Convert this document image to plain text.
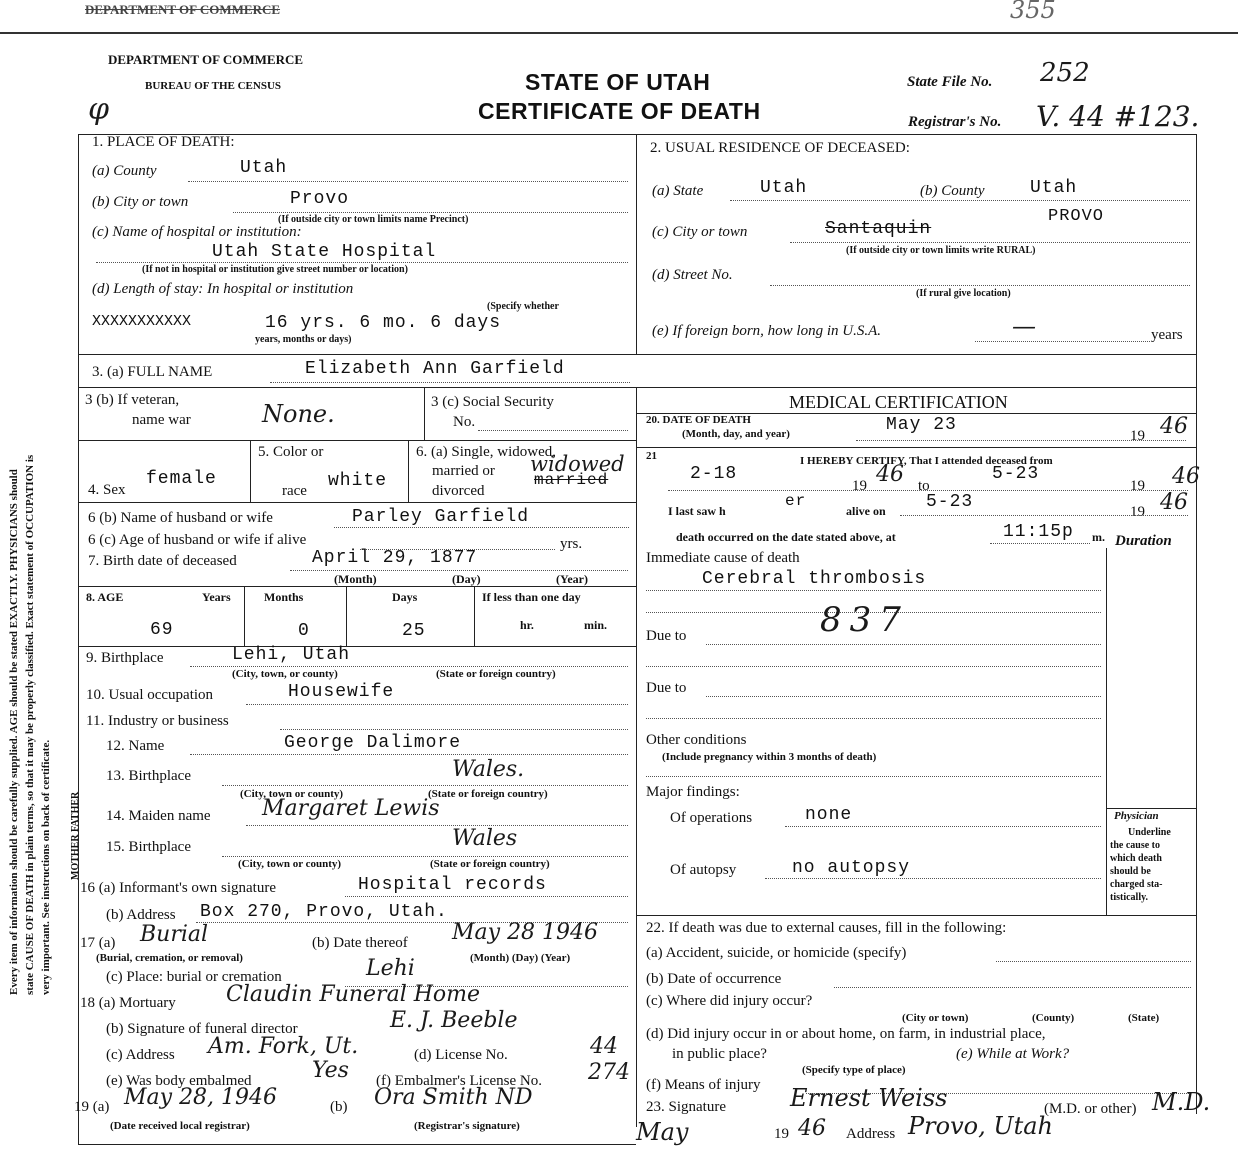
DEPARTMENT OF COMMERCE	355
DEPARTMENT OF COMMERCE
BUREAU OF THE CENSUS
φ
STATE OF UTAH
CERTIFICATE OF DEATH
State File No. 252
Registrar's No. V. 44 #123.
Every item of information should be carefully supplied. AGE should be stated EXACTLY. PHYSICIANS should state CAUSE OF DEATH in plain terms, so that it may be properly classified. Exact statement of OCCUPATION is very important. See instructions on back of certificate. MOTHER FATHER
1. PLACE OF DEATH:
(a) County	Utah
(b) City or town	Provo
(If outside city or town limits name Precinct)
(c) Name of hospital or institution:
Utah State Hospital
(If not in hospital or institution give street number or location)
(d) Length of stay: In hospital or institution
(Specify whether
XXXXXXXXXXX	16 yrs. 6 mo. 6 days
years, months or days)
2. USUAL RESIDENCE OF DECEASED:
(a) State	Utah	(b) County	Utah
PROVO
(c) City or town	Santaquin
(If outside city or town limits write RURAL)
(d) Street No.
(If rural give location)
(e) If foreign born, how long in U.S.A.	—	years
3. (a) FULL NAME	Elizabeth Ann Garfield
3 (b) If veteran,
name war	None.	3 (c) Social Security
No.
MEDICAL CERTIFICATION
20. DATE OF DEATH
(Month, day, and year)	May 23
19 46
21	I HEREBY CERTIFY, That I attended deceased from
2-18
19 46 to
5-23
19 46
I last saw h
er
alive on 5-23	19 46
death occurred on the date stated above, at	11:15p m. Duration
Immediate cause of death
Cerebral thrombosis
Due to	837
Due to
Other conditions
(Include pregnancy within 3 months of death)
Major findings:
Of operations	none
Of autopsy	no autopsy
Physician
Underline
the cause to
which death
should be
charged sta-
tistically.
4. Sex
female
5. Color or
race white
6. (a) Single, widowed,
married or
divorced
married
widowed
6 (b) Name of husband or wife	Parley Garfield
6 (c) Age of husband or wife if alive	yrs.
7. Birth date of deceased	April 29, 1877
(Month)	(Day)	(Year)
8. AGE	Years	Months	Days	If less than one day
69	0	25	hr.	min.
9. Birthplace	Lehi, Utah
(City, town, or county)	(State or foreign country)
10. Usual occupation	Housewife
11. Industry or business
12. Name	George Dalimore
13. Birthplace	Wales.
(City, town or county)	(State or foreign country)
14. Maiden name Margaret Lewis
15. Birthplace	Wales
(City, town or county)	(State or foreign country)
16 (a) Informant's own signature	Hospital records
(b) Address Box 270, Provo, Utah.
17 (a) Burial
(Burial, cremation, or removal)
(b) Date thereof May 28 1946
(Month) (Day) (Year)
(c) Place: burial or cremation	Lehi
18 (a) Mortuary Claudin Funeral Home
(b) Signature of funeral director	E. J. Beeble
(c) Address Am. Fork, Ut.	(d) License No.	44
(e) Was body embalmed	Yes (f) Embalmer's License No. 274
19 (a) May 28, 1946	(b) Ora Smith ND
(Date received local registrar)	(Registrar's signature)
22. If death was due to external causes, fill in the following:
(a) Accident, suicide, or homicide (specify)
(b) Date of occurrence
(c) Where did injury occur?
(City or town)	(County)	(State)
(d) Did injury occur in or about home, on farm, in industrial place,
in public place?	(e) While at Work?
(Specify type of place)
(f) Means of injury
23. Signature	Ernest Weiss	(M.D. or other) M.D.
May	19 46 Address Provo, Utah
